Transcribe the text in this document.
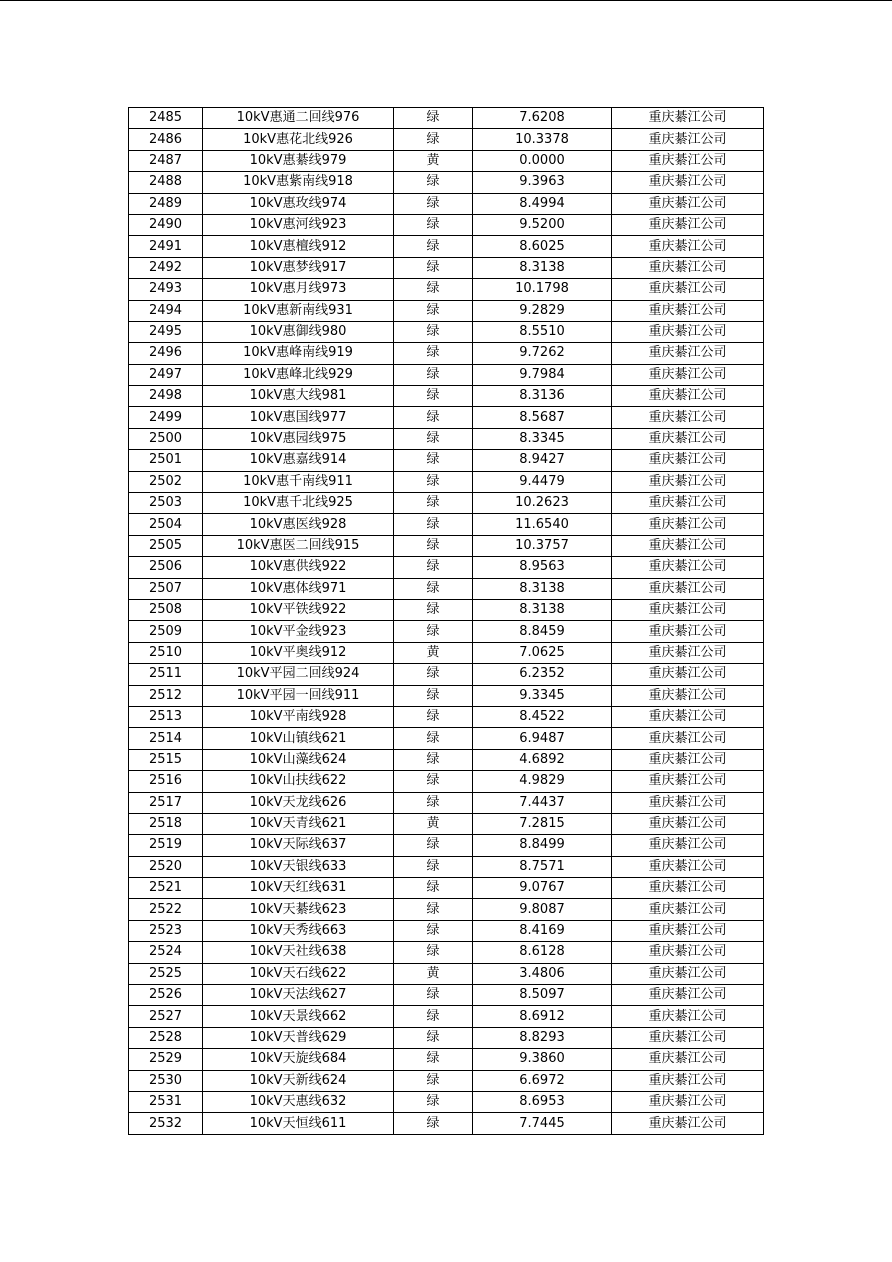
2485	10kV惠通二回线976	绿	7.6208	重庆綦江公司
2486	10kV惠花北线926	绿	10.3378	重庆綦江公司
2487	10kV惠綦线979	黄	0.0000	重庆綦江公司
2488	10kV惠紫南线918	绿	9.3963	重庆綦江公司
2489	10kV惠玫线974	绿	8.4994	重庆綦江公司
2490	10kV惠河线923	绿	9.5200	重庆綦江公司
2491	10kV惠檀线912	绿	8.6025	重庆綦江公司
2492	10kV惠梦线917	绿	8.3138	重庆綦江公司
2493	10kV惠月线973	绿	10.1798	重庆綦江公司
2494	10kV惠新南线931	绿	9.2829	重庆綦江公司
2495	10kV惠御线980	绿	8.5510	重庆綦江公司
2496	10kV惠峰南线919	绿	9.7262	重庆綦江公司
2497	10kV惠峰北线929	绿	9.7984	重庆綦江公司
2498	10kV惠大线981	绿	8.3136	重庆綦江公司
2499	10kV惠国线977	绿	8.5687	重庆綦江公司
2500	10kV惠园线975	绿	8.3345	重庆綦江公司
2501	10kV惠嘉线914	绿	8.9427	重庆綦江公司
2502	10kV惠千南线911	绿	9.4479	重庆綦江公司
2503	10kV惠千北线925	绿	10.2623	重庆綦江公司
2504	10kV惠医线928	绿	11.6540	重庆綦江公司
2505	10kV惠医二回线915	绿	10.3757	重庆綦江公司
2506	10kV惠供线922	绿	8.9563	重庆綦江公司
2507	10kV惠体线971	绿	8.3138	重庆綦江公司
2508	10kV平铁线922	绿	8.3138	重庆綦江公司
2509	10kV平金线923	绿	8.8459	重庆綦江公司
2510	10kV平奥线912	黄	7.0625	重庆綦江公司
2511	10kV平园二回线924	绿	6.2352	重庆綦江公司
2512	10kV平园一回线911	绿	9.3345	重庆綦江公司
2513	10kV平南线928	绿	8.4522	重庆綦江公司
2514	10kV山镇线621	绿	6.9487	重庆綦江公司
2515	10kV山藻线624	绿	4.6892	重庆綦江公司
2516	10kV山扶线622	绿	4.9829	重庆綦江公司
2517	10kV天龙线626	绿	7.4437	重庆綦江公司
2518	10kV天青线621	黄	7.2815	重庆綦江公司
2519	10kV天际线637	绿	8.8499	重庆綦江公司
2520	10kV天银线633	绿	8.7571	重庆綦江公司
2521	10kV天红线631	绿	9.0767	重庆綦江公司
2522	10kV天綦线623	绿	9.8087	重庆綦江公司
2523	10kV天秀线663	绿	8.4169	重庆綦江公司
2524	10kV天社线638	绿	8.6128	重庆綦江公司
2525	10kV天石线622	黄	3.4806	重庆綦江公司
2526	10kV天法线627	绿	8.5097	重庆綦江公司
2527	10kV天景线662	绿	8.6912	重庆綦江公司
2528	10kV天普线629	绿	8.8293	重庆綦江公司
2529	10kV天旋线684	绿	9.3860	重庆綦江公司
2530	10kV天新线624	绿	6.6972	重庆綦江公司
2531	10kV天惠线632	绿	8.6953	重庆綦江公司
2532	10kV天恒线611	绿	7.7445	重庆綦江公司
